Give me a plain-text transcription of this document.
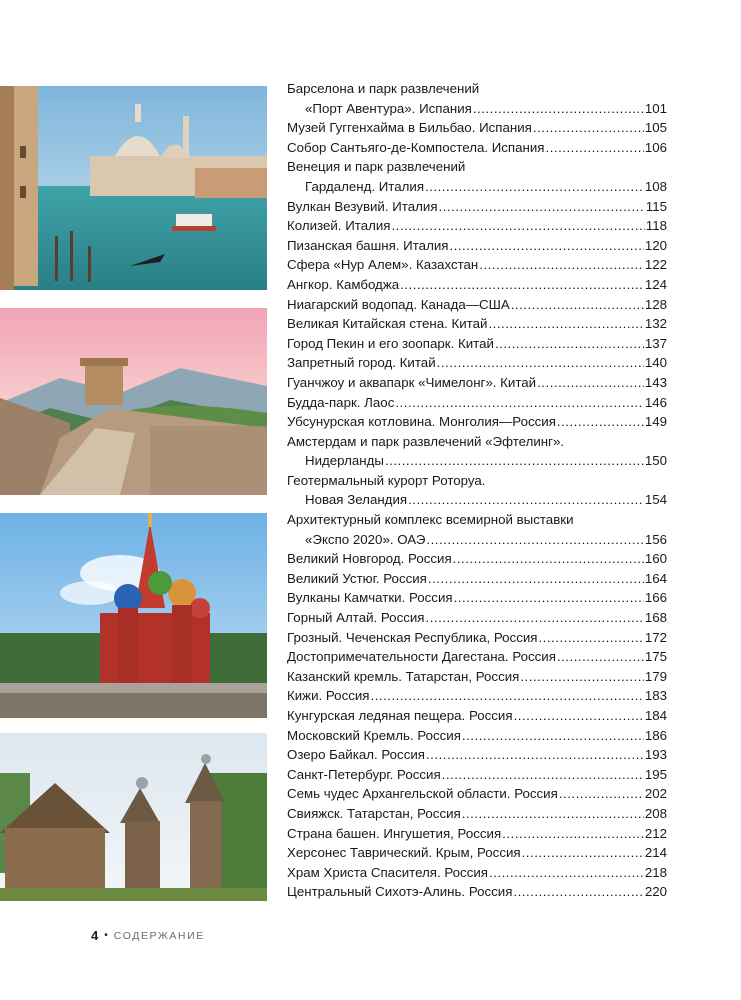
Барселона и парк развлечений
«Порт Авентура». Испания .....	101
Музей Гуггенхайма в Бильбао. Испания .....	105
Собор Сантьяго-де-Компостела. Испания .....	106
Венеция и парк развлечений
Гардаленд. Италия .....	108
Вулкан Везувий. Италия .....	115
Колизей. Италия .....	118
Пизанская башня. Италия .....	120
Сфера «Нур Алем». Казахстан .....	122
Ангкор. Камбоджа .....	124
Ниагарский водопад. Канада—США .....	128
Великая Китайская стена. Китай .....	132
Город Пекин и его зоопарк. Китай .....	137
Запретный город. Китай .....	140
Гуанчжоу и аквапарк «Чимелонг». Китай .....	143
Будда-парк. Лаос .....	146
Убсунурская котловина. Монголия—Россия .....	149
Амстердам и парк развлечений «Эфтелинг».
Нидерланды .....	150
Геотермальный курорт Роторуа.
Новая Зеландия .....	154
Архитектурный комплекс всемирной выставки
«Экспо 2020». ОАЭ .....	156
Великий Новгород. Россия .....	160
Великий Устюг. Россия .....	164
Вулканы Камчатки. Россия .....	166
Горный Алтай. Россия .....	168
Грозный. Чеченская Республика, Россия .....	172
Достопримечательности Дагестана. Россия .....	175
Казанский кремль. Татарстан, Россия .....	179
Кижи. Россия .....	183
Кунгурская ледяная пещера. Россия .....	184
Московский Кремль. Россия .....	186
Озеро Байкал. Россия .....	193
Санкт-Петербург. Россия .....	195
Семь чудес Архангельской области. Россия .....	202
Свияжск. Татарстан, Россия .....	208
Страна башен. Ингушетия, Россия .....	212
Херсонес Таврический. Крым, Россия .....	214
Храм Христа Спасителя. Россия .....	218
Центральный Сихотэ-Алинь. Россия .....	220
4 • СОДЕРЖАНИЕ
